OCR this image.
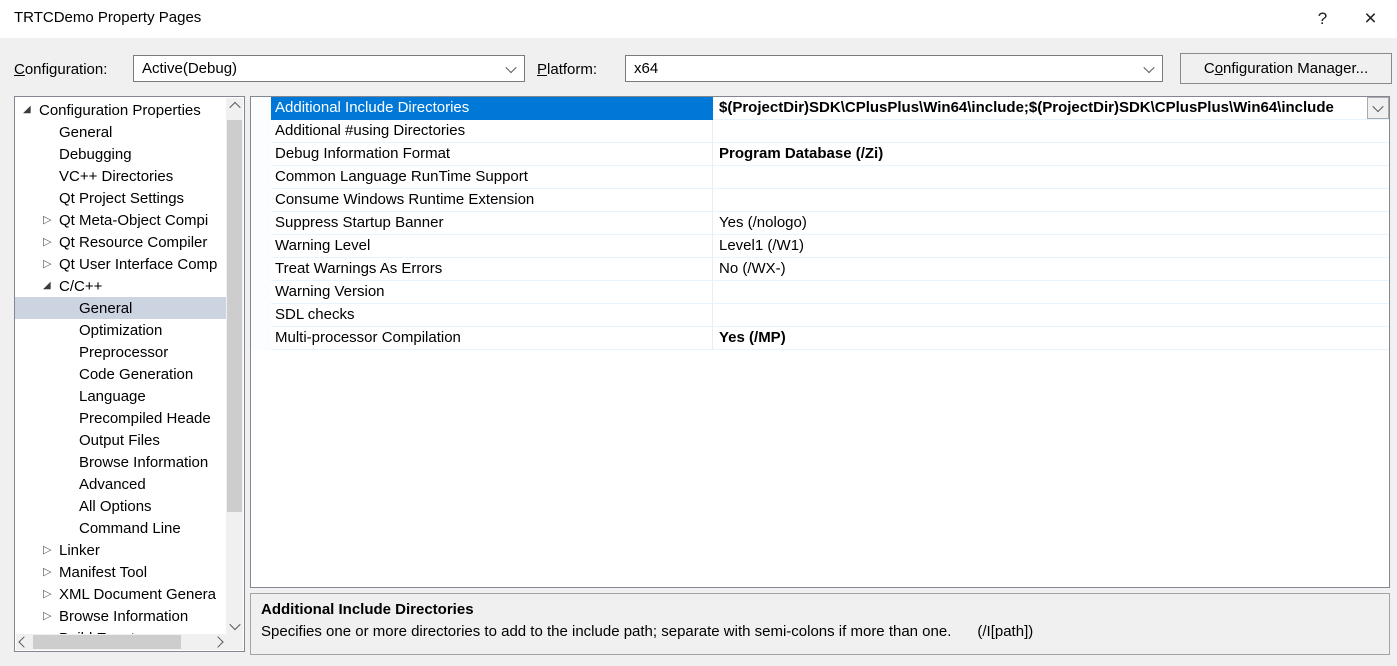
TRTCDemo Property Pages	? ×
Configuration:	Active(Debug)	Platform:	x64	Configuration Manager...
◢ Configuration Properties
General
Debugging
VC++ Directories
Qt Project Settings
▷ Qt Meta-Object Compi
▷ Qt Resource Compiler
▷ Qt User Interface Comp
◢ C/C++
General
Optimization
Preprocessor
Code Generation
Language
Precompiled Heade
Output Files
Browse Information
Advanced
All Options
Command Line
▷ Linker
▷ Manifest Tool
▷ XML Document Genera
▷ Browse Information
Additional Include Directories	$(ProjectDir)SDK\CPlusPlus\Win64\include;$(ProjectDir)SDK\CPlusPlus\Win64\include
Additional #using Directories
Debug Information Format	Program Database (/Zi)
Common Language RunTime Support
Consume Windows Runtime Extension
Suppress Startup Banner	Yes (/nologo)
Warning Level	Level1 (/W1)
Treat Warnings As Errors	No (/WX-)
Warning Version
SDL checks
Multi-processor Compilation	Yes (/MP)
Additional Include Directories
Specifies one or more directories to add to the include path; separate with semi-colons if more than one. (/I[path])
